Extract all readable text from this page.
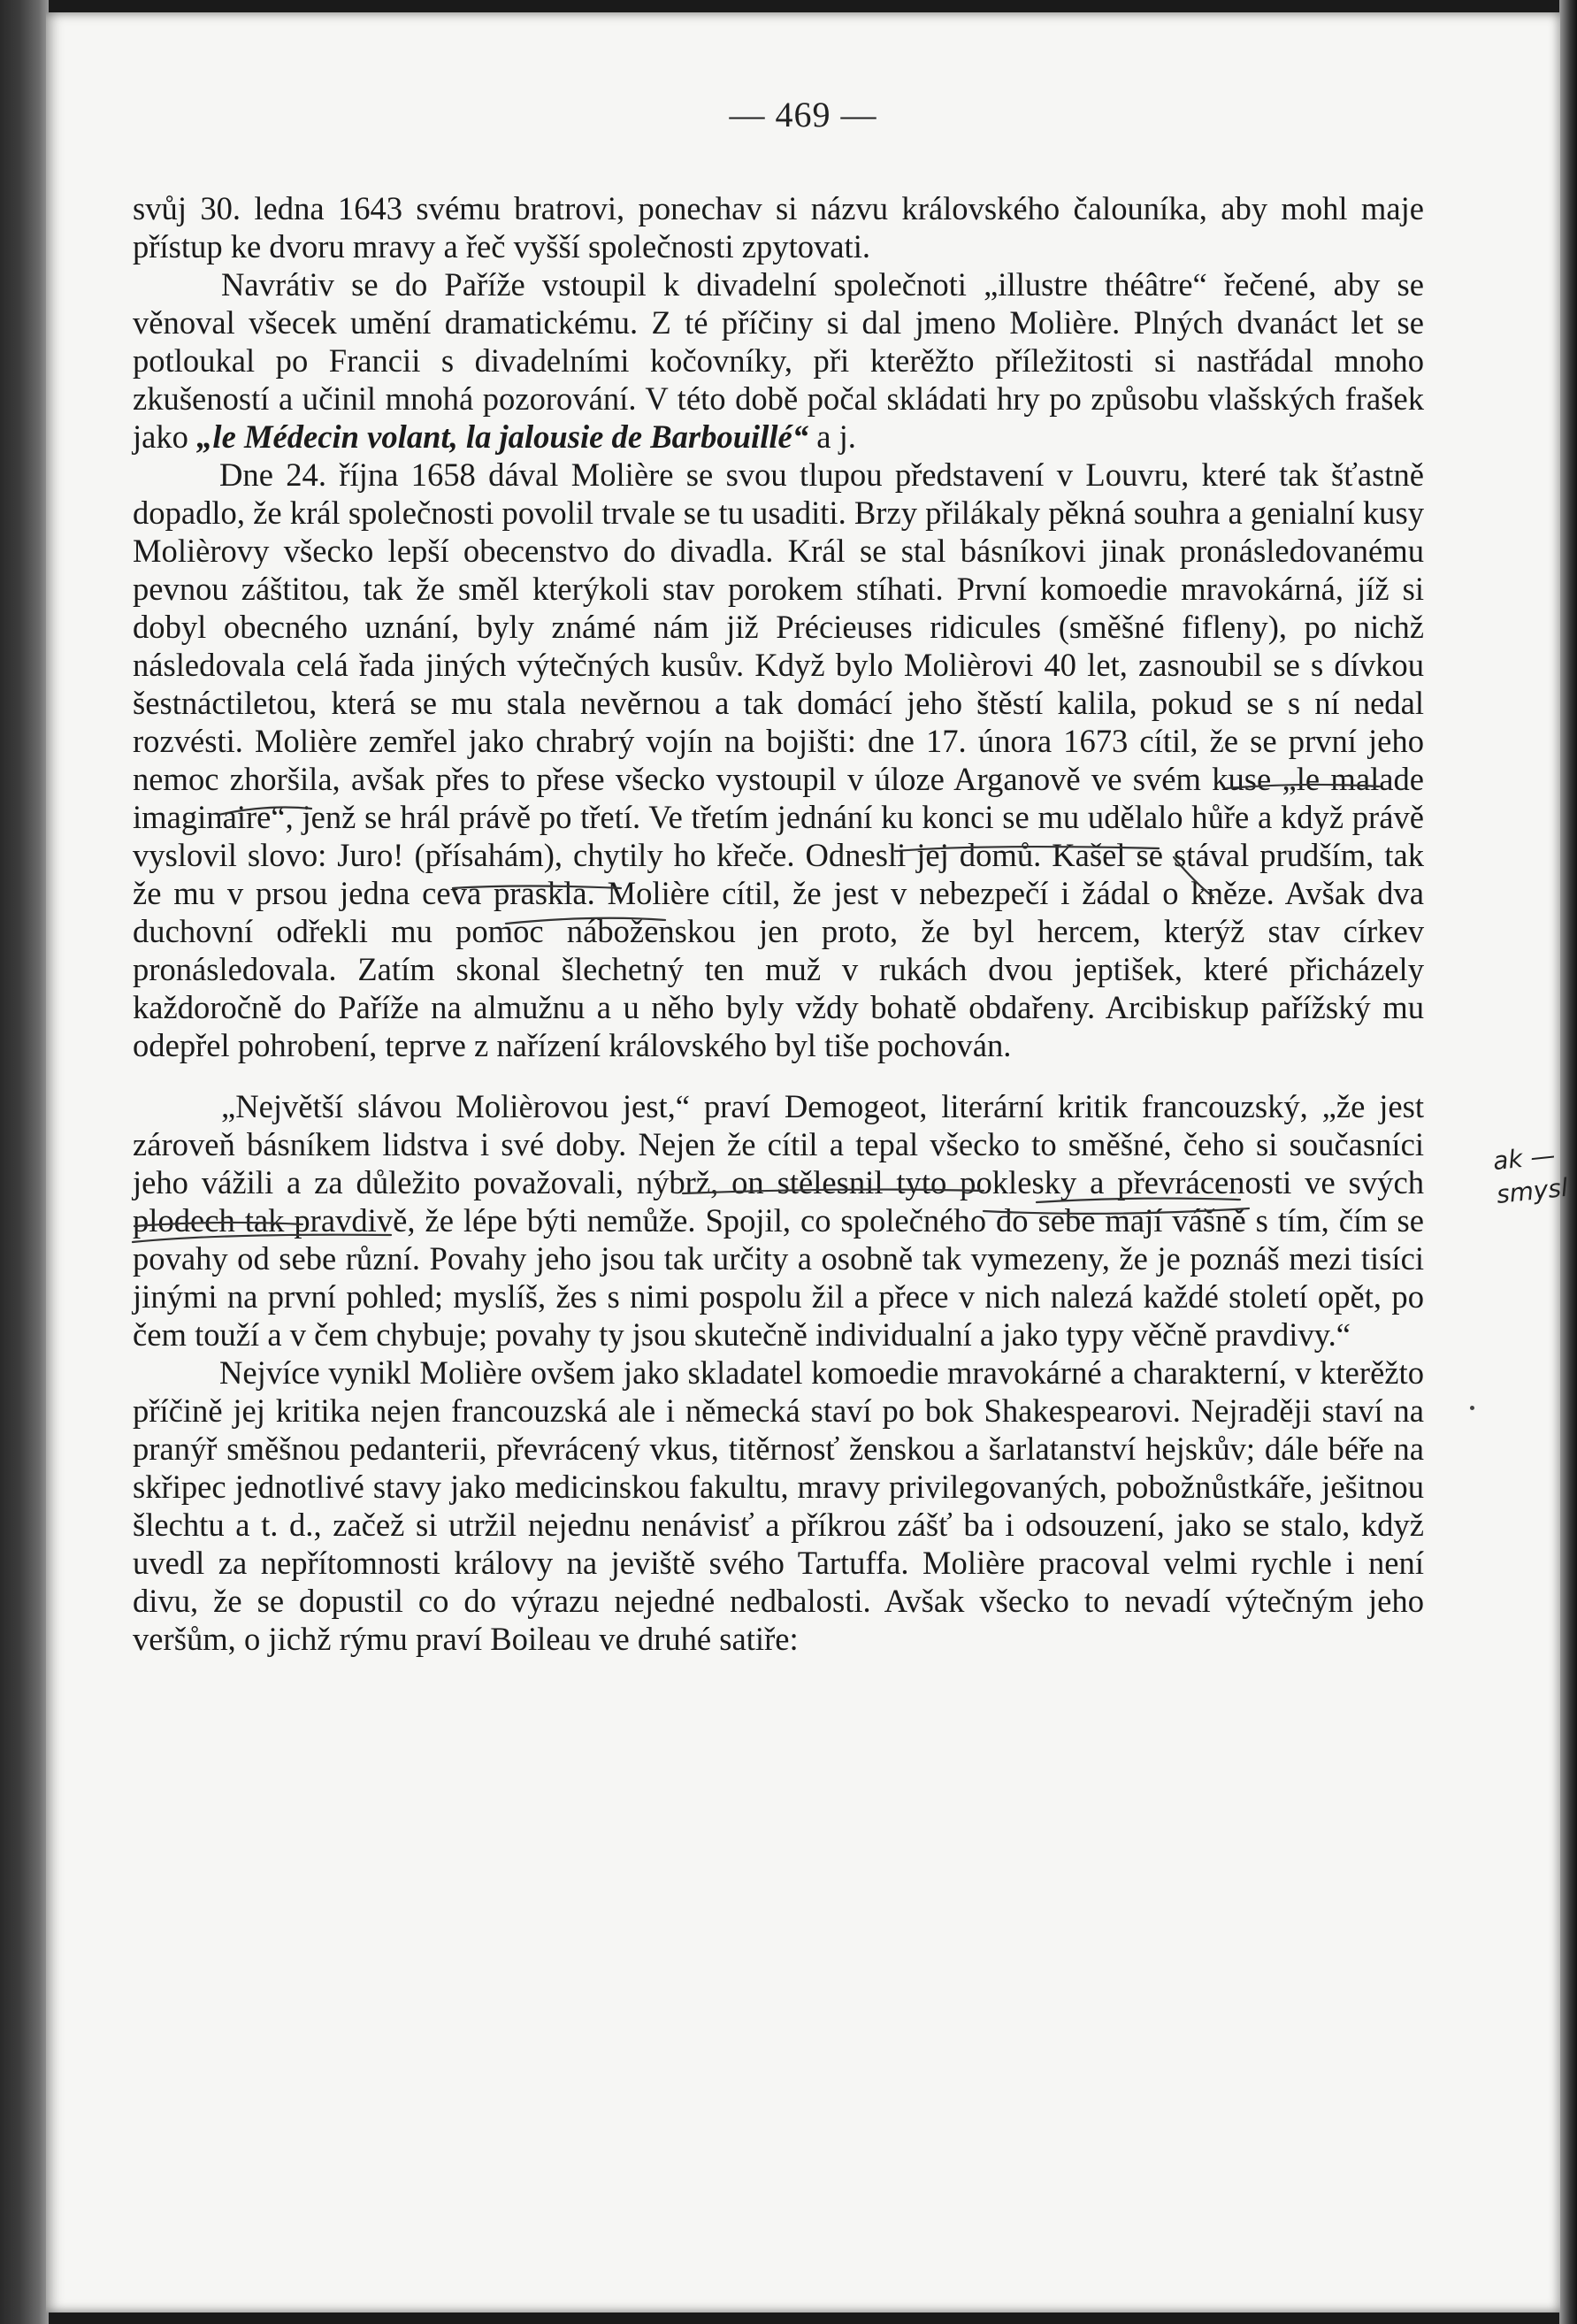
— 469 —

svůj 30. ledna 1643 svému bratrovi, ponechav si názvu královského čalouníka, aby mohl maje přístup ke dvoru mravy a řeč vyšší společnosti zpytovati.

Navrátiv se do Paříže vstoupil k divadelní společnoti „illustre théâtre“ řečené, aby se věnoval všecek umění dramatickému. Z té příčiny si dal jmeno Molière. Plných dvanáct let se potloukal po Francii s divadelními kočovníky, při kterěžto příležitosti si nastřádal mnoho zkušeností a učinil mnohá pozorování. V této době počal skládati hry po způsobu vlašských frašek jako „le Médecin volant, la jalousie de Barbouillé“ a j.

Dne 24. října 1658 dával Molière se svou tlupou představení v Louvru, které tak šťastně dopadlo, že král společnosti povolil trvale se tu usaditi. Brzy přilákaly pěkná souhra a genialní kusy Molièrovy všecko lepší obecenstvo do divadla. Král se stal básníkovi jinak pronásledovanému pevnou záštitou, tak že směl kterýkoli stav porokem stíhati. První komoedie mravokárná, jíž si dobyl obecného uznání, byly známé nám již Précieuses ridicules (směšné fifleny), po nichž následovala celá řada jiných výtečných kusův. Když bylo Molièrovi 40 let, zasnoubil se s dívkou šestnáctiletou, která se mu stala nevěrnou a tak domácí jeho štěstí kalila, pokud se s ní nedal rozvésti. Molière zemřel jako chrabrý vojín na bojišti: dne 17. února 1673 cítil, že se první jeho nemoc zhoršila, avšak přes to přese všecko vystoupil v úloze Arganově ve svém kuse „le malade imaginaire“, jenž se hrál právě po třetí. Ve třetím jednání ku konci se mu udělalo hůře a když právě vyslovil slovo: Juro! (přísahám), chytily ho křeče. Odnesli jej domů. Kašel se stával prudším, tak že mu v prsou jedna ceva praskla. Molière cítil, že jest v nebezpečí i žádal o kněze. Avšak dva duchovní odřekli mu pomoc náboženskou jen proto, že byl hercem, kterýž stav církev pronásledovala. Zatím skonal šlechetný ten muž v rukách dvou jeptišek, které přicházely každoročně do Paříže na almužnu a u něho byly vždy bohatě obdařeny. Arcibiskup pařížský mu odepřel pohrobení, teprve z nařízení královského byl tiše pochován.

„Největší slávou Molièrovou jest,“ praví Demogeot, literární kritik francouzský, „že jest zároveň básníkem lidstva i své doby. Nejen že cítil a tepal všecko to směšné, čeho si současníci jeho vážili a za důležito považovali, nýbrž, on stělesnil tyto poklesky a převrácenosti ve svých plodech tak pravdivě, že lépe býti nemůže. Spojil, co společného do sebe mají vášně s tím, čím se povahy od sebe různí. Povahy jeho jsou tak určity a osobně tak vymezeny, že je poznáš mezi tisíci jinými na první pohled; myslíš, žes s nimi pospolu žil a přece v nich nalezá každé století opět, po čem touží a v čem chybuje; povahy ty jsou skutečně individualní a jako typy věčně pravdivy.“

Nejvíce vynikl Molière ovšem jako skladatel komoedie mravokárné a charakterní, v kterěžto příčině jej kritika nejen francouzská ale i německá staví po bok Shakespearovi. Nejraději staví na pranýř směšnou pedanterii, převrácený vkus, titěrnosť ženskou a šarlatanství hejskův; dále béře na skřipec jednotlivé stavy jako medicinskou fakultu, mravy privilegovaných, pobožnůstkáře, ješitnou šlechtu a t. d., začež si utržil nejednu nenávisť a příkrou zášť ba i odsouzení, jako se stalo, když uvedl za nepřítomnosti královy na jeviště svého Tartuffa. Molière pracoval velmi rychle i není divu, že se dopustil co do výrazu nejedné nedbalosti. Avšak všecko to nevadí výtečným jeho veršům, o jichž rýmu praví Boileau ve druhé satiře:

ak — smysl
